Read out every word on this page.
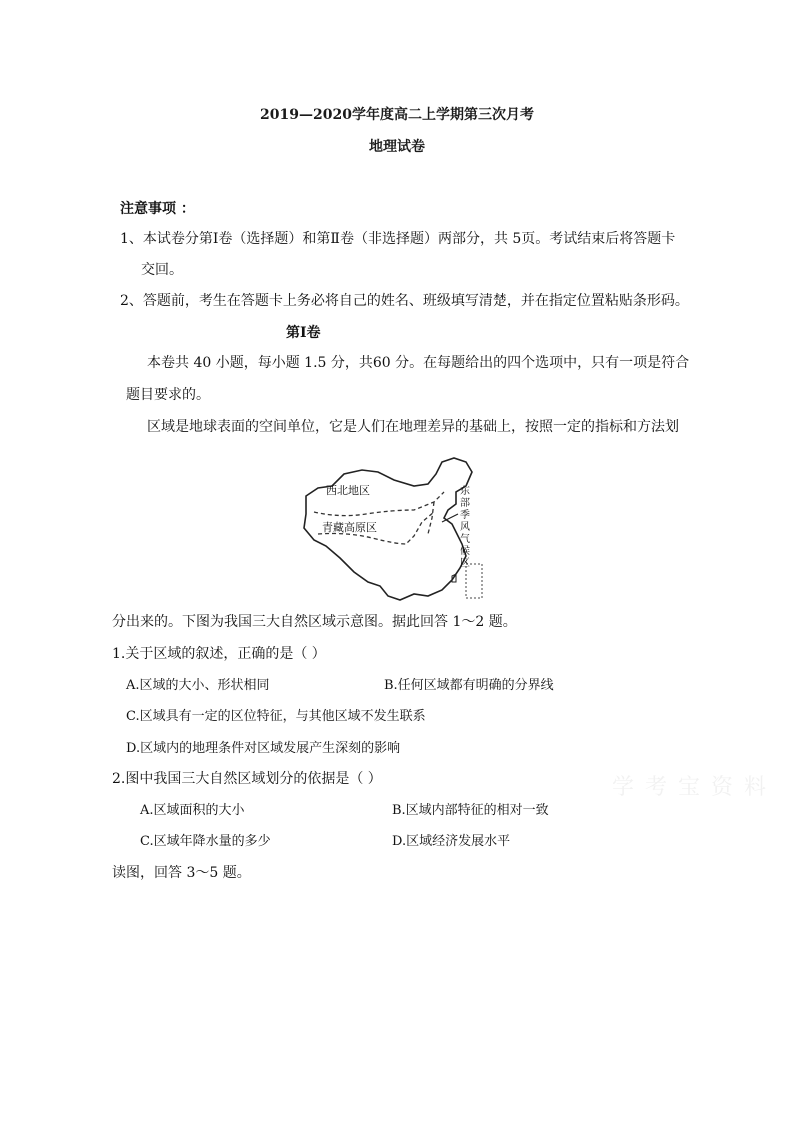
2019—2020学年度高二上学期第三次月考
地理试卷
注意事项 ：
1、本试卷分第Ⅰ卷（选择题）和第Ⅱ卷（非选择题）两部分，共 5页。考试结束后将答题卡
交回。
2、答题前，考生在答题卡上务必将自己的姓名、班级填写清楚，并在指定位置粘贴条形码。
第Ⅰ卷
本卷共 40 小题，每小题 1.5 分，共60 分。在每题给出的四个选项中，只有一项是符合
题目要求的。
区域是地球表面的空间单位，它是人们在地理差异的基础上，按照一定的指标和方法划
西北地区
青藏高原区
东
部
季
风
气
候
区
分出来的。下图为我国三大自然区域示意图。据此回答 1～2 题。
1.关于区域的叙述，正确的是（ ）
A.区域的大小、形状相同	B.任何区域都有明确的分界线
C.区域具有一定的区位特征，与其他区域不发生联系
D.区域内的地理条件对区域发展产生深刻的影响
2.图中我国三大自然区域划分的依据是（ ）
A.区域面积的大小	B.区域内部特征的相对一致
C.区域年降水量的多少	D.区域经济发展水平
读图，回答 3～5 题。
学 考 宝 资 料
